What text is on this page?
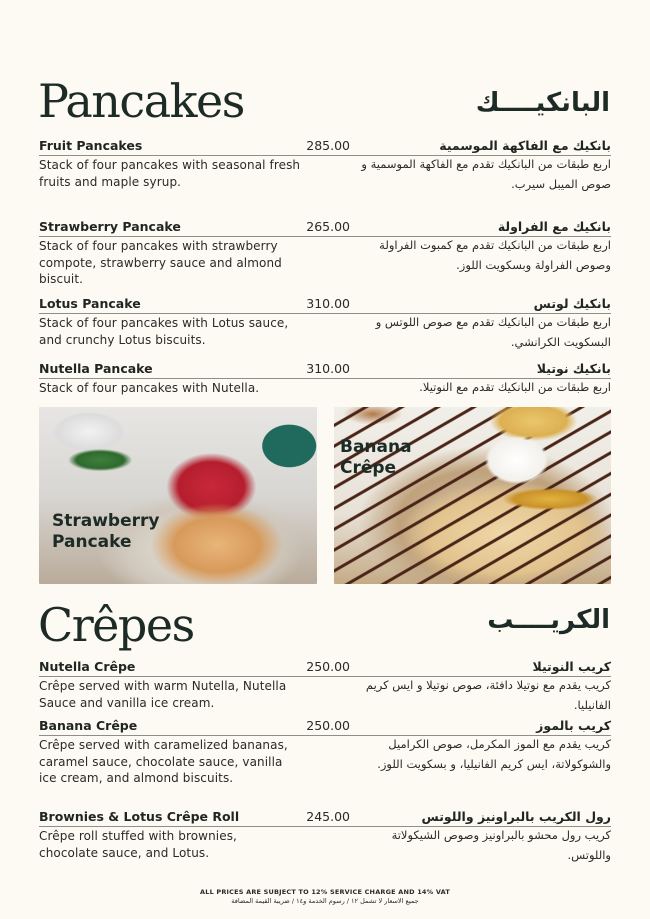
Pancakes	البانكيــــك
Fruit Pancakes	285.00	بانكيك مع الفاكهة الموسمية
Stack of four pancakes with seasonal fresh fruits and maple syrup.
اربع طبقات من البانكيك تقدم مع الفاكهة الموسمية و صوص الميبل سيرب.
Strawberry Pancake	265.00	بانكيك مع الفراولة
Stack of four pancakes with strawberry compote, strawberry sauce and almond biscuit.
اربع طبقات من البانكيك تقدم مع كمبوت الفراولة وصوص الفراولة وبسكويت اللوز.
Lotus Pancake	310.00	بانكيك لوتس
Stack of four pancakes with Lotus sauce, and crunchy Lotus biscuits.
اربع طبقات من البانكيك تقدم مع صوص اللوتس و البسكويت الكرانشي.
Nutella Pancake	310.00	بانكيك نوتيلا
Stack of four pancakes with Nutella.	اربع طبقات من البانكيك تقدم مع النوتيلا.
Strawberry
Pancake
Banana
Crêpe
Crêpes	الكريــــب
Nutella Crêpe	250.00	كريب النوتيلا
Crêpe served with warm Nutella, Nutella Sauce and vanilla ice cream.
كريب يقدم مع نوتيلا دافئة، صوص نوتيلا و ايس كريم الفانيليا.
Banana Crêpe	250.00	كريب بالموز
Crêpe served with caramelized bananas, caramel sauce, chocolate sauce, vanilla ice cream, and almond biscuits.
كريب يقدم مع الموز المكرمل، صوص الكراميل والشوكولاتة، ايس كريم الفانيليا، و بسكويت اللوز.
Brownies & Lotus Crêpe Roll	245.00	رول الكريب بالبراونيز واللوتس
Crêpe roll stuffed with brownies, chocolate sauce, and Lotus.
كريب رول محشو بالبراونيز وصوص الشيكولاتة واللوتس.
ALL PRICES ARE SUBJECT TO 12% SERVICE CHARGE AND 14% VAT
جميع الاسعار لا تشمل ١٢ / رسوم الخدمة و١٤ / ضريبة القيمة المضافة
